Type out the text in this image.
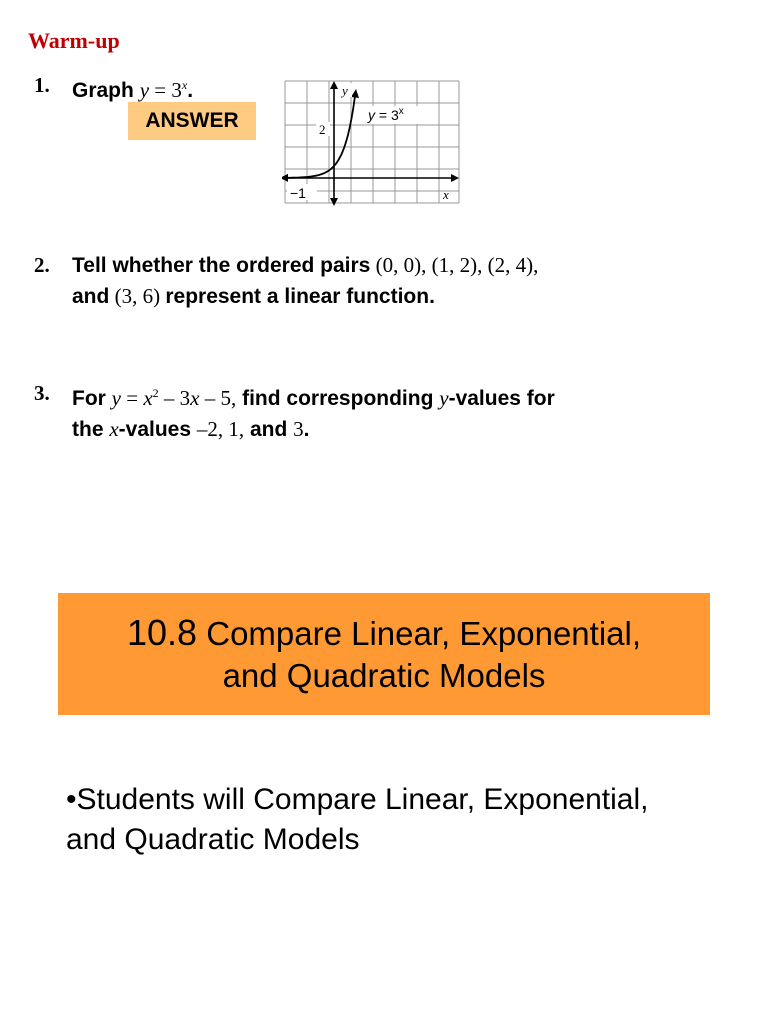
Warm-up
1. Graph $y = 3^x$.
ANSWER
y
x
2
−1
$y = 3^x$
2. Tell whether the ordered pairs (0, 0), (1, 2), (2, 4),
and (3, 6) represent a linear function.
3. For $y = x^2 - 3x - 5$, find corresponding y-values for
the x-values –2, 1, and 3.
10.8 Compare Linear, Exponential,
and Quadratic Models
•Students will Compare Linear, Exponential,
and Quadratic Models
